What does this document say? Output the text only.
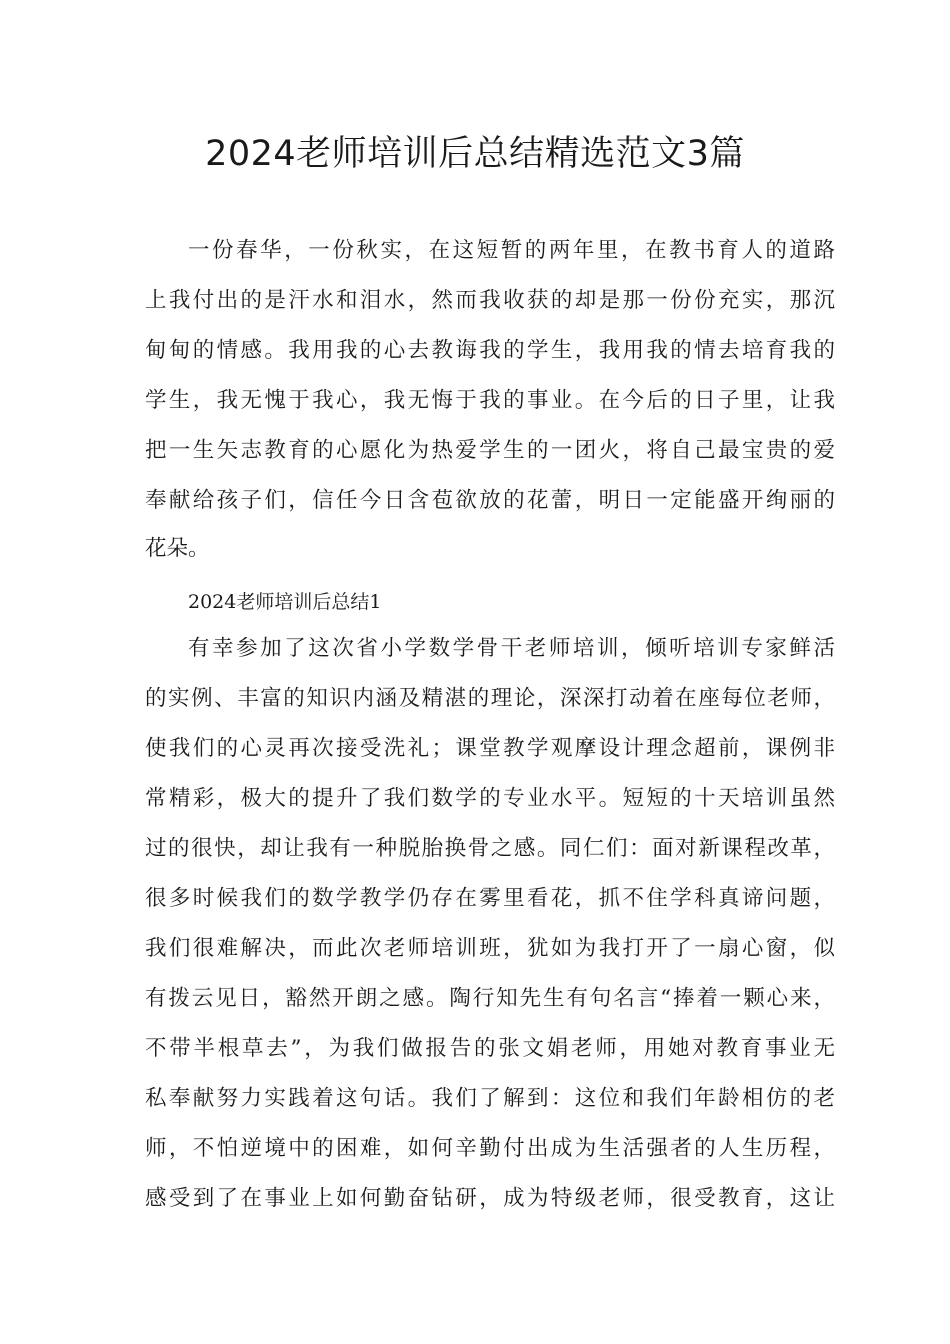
2024老师培训后总结精选范文3篇

一份春华，一份秋实，在这短暂的两年里，在教书育人的道路

上我付出的是汗水和泪水，然而我收获的却是那一份份充实，那沉

甸甸的情感。我用我的心去教诲我的学生，我用我的情去培育我的

学生，我无愧于我心，我无悔于我的事业。在今后的日子里，让我

把一生矢志教育的心愿化为热爱学生的一团火，将自己最宝贵的爱

奉献给孩子们，信任今日含苞欲放的花蕾，明日一定能盛开绚丽的

花朵。

2024老师培训后总结1

有幸参加了这次省小学数学骨干老师培训，倾听培训专家鲜活

的实例、丰富的知识内涵及精湛的理论，深深打动着在座每位老师，

使我们的心灵再次接受洗礼；课堂教学观摩设计理念超前，课例非

常精彩，极大的提升了我们数学的专业水平。短短的十天培训虽然

过的很快，却让我有一种脱胎换骨之感。同仁们：面对新课程改革，

很多时候我们的数学教学仍存在雾里看花，抓不住学科真谛问题，

我们很难解决，而此次老师培训班，犹如为我打开了一扇心窗，似

有拨云见日，豁然开朗之感。陶行知先生有句名言“捧着一颗心来，

不带半根草去”，为我们做报告的张文娟老师，用她对教育事业无

私奉献努力实践着这句话。我们了解到：这位和我们年龄相仿的老

师，不怕逆境中的困难，如何辛勤付出成为生活强者的人生历程，

感受到了在事业上如何勤奋钻研，成为特级老师，很受教育，这让
